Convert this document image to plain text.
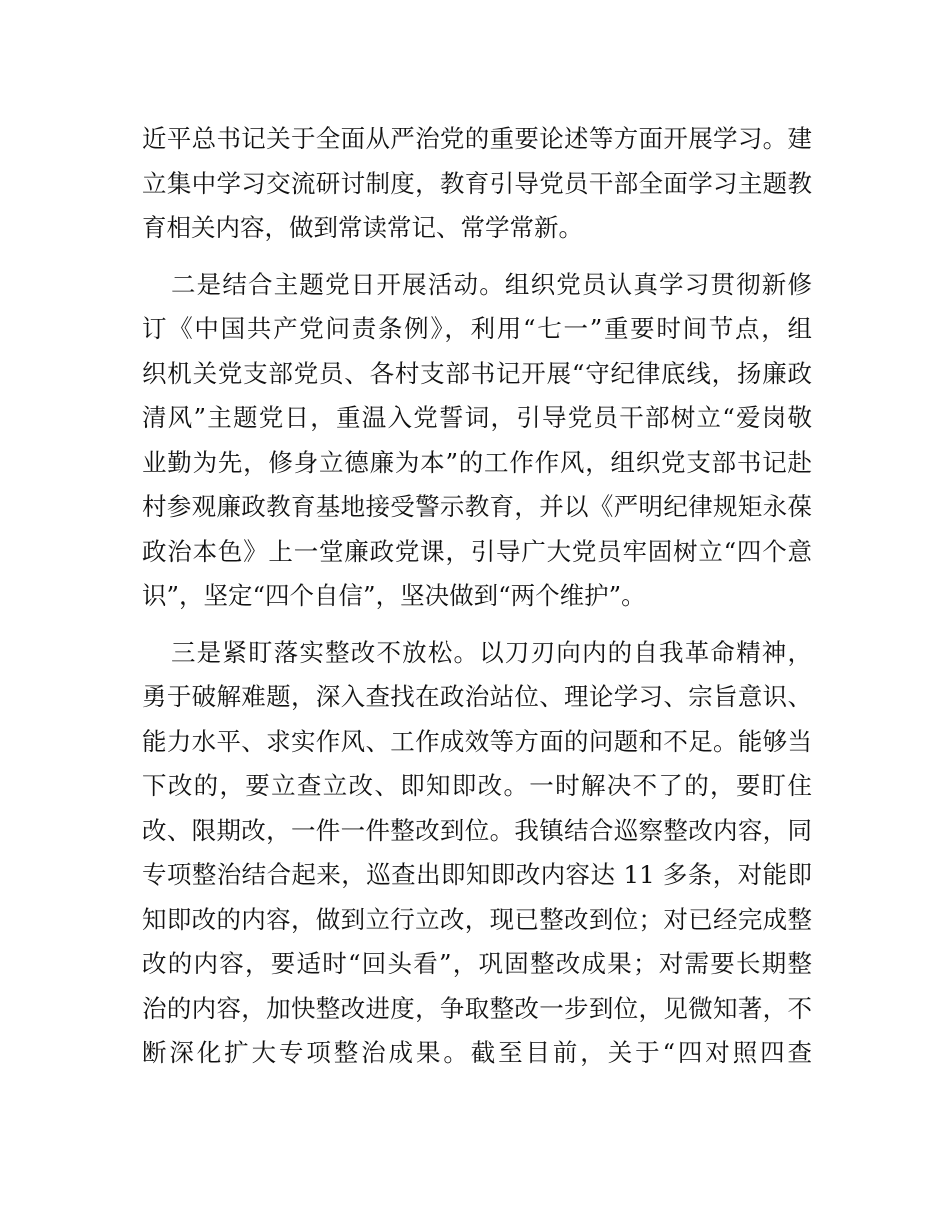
近平总书记关于全面从严治党的重要论述等方面开展学习。建
立集中学习交流研讨制度，教育引导党员干部全面学习主题教
育相关内容，做到常读常记、常学常新。

二是结合主题党日开展活动。组织党员认真学习贯彻新修
订《中国共产党问责条例》，利用“七一”重要时间节点，组
织机关党支部党员、各村支部书记开展“守纪律底线，扬廉政
清风”主题党日，重温入党誓词，引导党员干部树立“爱岗敬
业勤为先，修身立德廉为本”的工作作风，组织党支部书记赴
村参观廉政教育基地接受警示教育，并以《严明纪律规矩永葆
政治本色》上一堂廉政党课，引导广大党员牢固树立“四个意
识”，坚定“四个自信”，坚决做到“两个维护”。

三是紧盯落实整改不放松。以刀刃向内的自我革命精神，
勇于破解难题，深入查找在政治站位、理论学习、宗旨意识、
能力水平、求实作风、工作成效等方面的问题和不足。能够当
下改的，要立查立改、即知即改。一时解决不了的，要盯住
改、限期改，一件一件整改到位。我镇结合巡察整改内容，同
专项整治结合起来，巡查出即知即改内容达 11 多条，对能即
知即改的内容，做到立行立改，现已整改到位；对已经完成整
改的内容，要适时“回头看”，巩固整改成果；对需要长期整
治的内容，加快整改进度，争取整改一步到位，见微知著，不
断深化扩大专项整治成果。截至目前，关于“四对照四查
